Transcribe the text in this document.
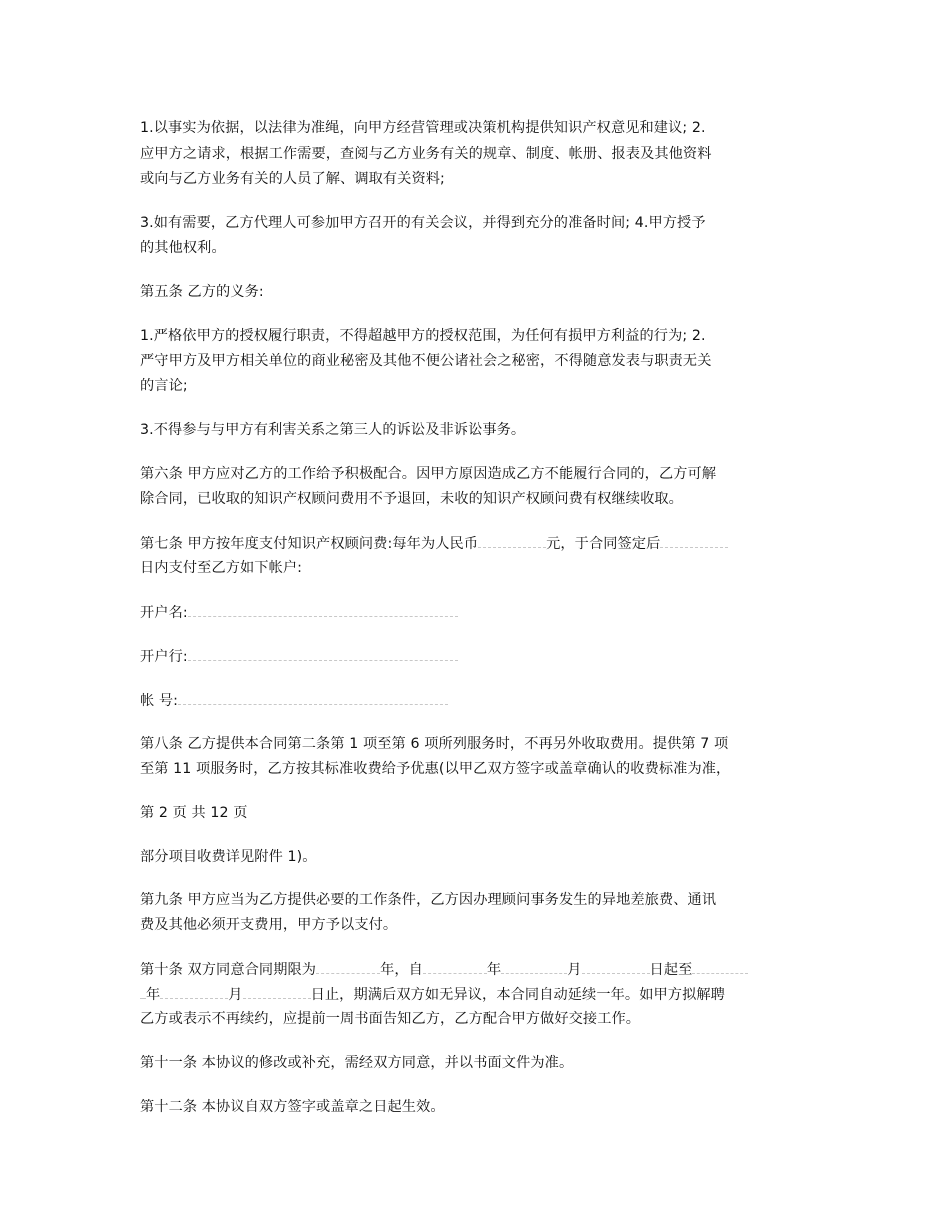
1.以事实为依据，以法律为准绳，向甲方经营管理或决策机构提供知识产权意见和建议; 2.
应甲方之请求，根据工作需要，查阅与乙方业务有关的规章、制度、帐册、报表及其他资料
或向与乙方业务有关的人员了解、调取有关资料;
3.如有需要，乙方代理人可参加甲方召开的有关会议，并得到充分的准备时间; 4.甲方授予
的其他权利。
第五条 乙方的义务:
1.严格依甲方的授权履行职责，不得超越甲方的授权范围，为任何有损甲方利益的行为; 2.
严守甲方及甲方相关单位的商业秘密及其他不便公诸社会之秘密，不得随意发表与职责无关
的言论;
3.不得参与与甲方有利害关系之第三人的诉讼及非诉讼事务。
第六条 甲方应对乙方的工作给予积极配合。因甲方原因造成乙方不能履行合同的，乙方可解
除合同，已收取的知识产权顾问费用不予退回，未收的知识产权顾问费有权继续收取。
第七条 甲方按年度支付知识产权顾问费:每年为人民币	元，于合同签定后
日内支付至乙方如下帐户:
开户名:
开户行:
帐 号:
第八条 乙方提供本合同第二条第 1 项至第 6 项所列服务时，不再另外收取费用。提供第 7 项
至第 11 项服务时，乙方按其标准收费给予优惠(以甲乙双方签字或盖章确认的收费标准为准，
第 2 页 共 12 页
部分项目收费详见附件 1)。
第九条 甲方应当为乙方提供必要的工作条件，乙方因办理顾问事务发生的异地差旅费、通讯
费及其他必须开支费用，甲方予以支付。
第十条 双方同意合同期限为	年，自	年	月	日起至
年	月	日止，期满后双方如无异议，本合同自动延续一年。如甲方拟解聘
乙方或表示不再续约，应提前一周书面告知乙方，乙方配合甲方做好交接工作。
第十一条 本协议的修改或补充，需经双方同意，并以书面文件为准。
第十二条 本协议自双方签字或盖章之日起生效。
